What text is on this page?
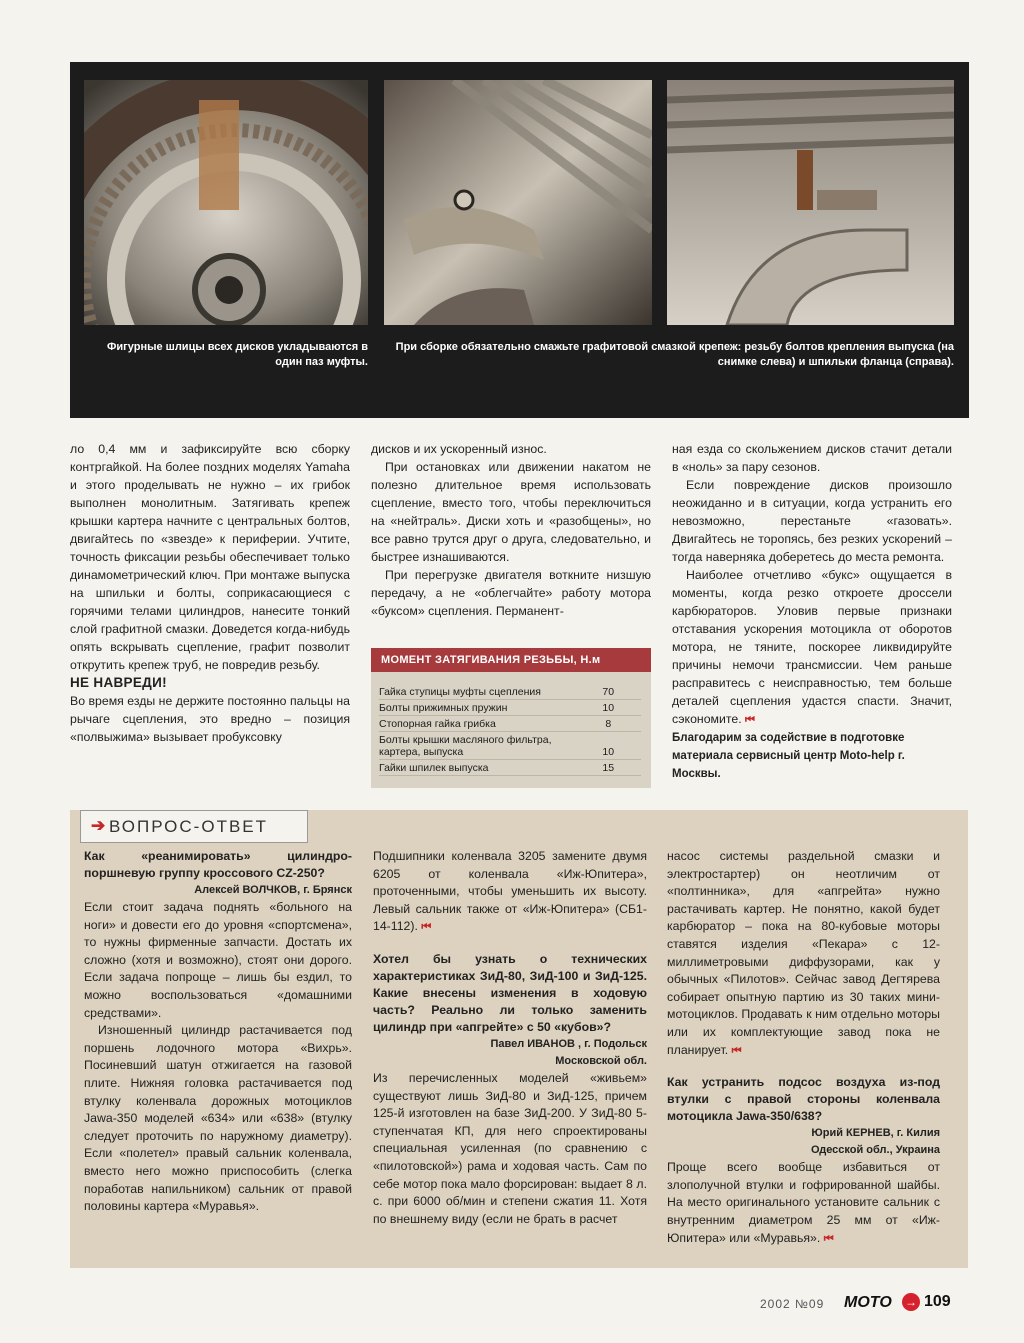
Фигурные шлицы всех дисков укладываются в один паз муфты.
При сборке обязательно смажьте графитовой смазкой крепеж: резьбу болтов крепления выпуска (на снимке слева) и шпильки фланца (справа).

ло 0,4 мм и зафиксируйте всю сборку контргайкой. На более поздних моделях Yamaha и этого проделывать не нужно – их грибок выполнен монолитным. Затягивать крепеж крышки картера начните с центральных болтов, двигайтесь по «звезде» к периферии. Учтите, точность фиксации резьбы обеспечивает только динамометрический ключ. При монтаже выпуска на шпильки и болты, соприкасающиеся с горячими телами цилиндров, нанесите тонкий слой графитной смазки. Доведется когда-нибудь опять вскрывать сцепление, графит позволит открутить крепеж труб, не повредив резьбу.

НЕ НАВРЕДИ!

Во время езды не держите постоянно пальцы на рычаге сцепления, это вредно – позиция «полвыжима» вызывает пробуксовку

дисков и их ускоренный износ.

При остановках или движении накатом не полезно длительное время использовать сцепление, вместо того, чтобы переключиться на «нейтраль». Диски хоть и «разобщены», но все равно трутся друг о друга, следовательно, и быстрее изнашиваются.

При перегрузке двигателя воткните низшую передачу, а не «облегчайте» работу мотора «буксом» сцепления. Перманент-

МОМЕНТ ЗАТЯГИВАНИЯ РЕЗЬБЫ, Н.м
Гайка ступицы муфты сцепления	70
Болты прижимных пружин	10
Стопорная гайка грибка	8
Болты крышки масляного фильтра, картера, выпуска	10
Гайки шпилек выпуска	15

ная езда со скольжением дисков стачит детали в «ноль» за пару сезонов.

Если повреждение дисков произошло неожиданно и в ситуации, когда устранить его невозможно, перестаньте «газовать». Двигайтесь не торопясь, без резких ускорений – тогда наверняка доберетесь до места ремонта.

Наиболее отчетливо «букс» ощущается в моменты, когда резко откроете дроссели карбюраторов. Уловив первые признаки отставания ускорения мотоцикла от оборотов мотора, не тяните, поскорее ликвидируйте причины немочи трансмиссии. Чем раньше расправитесь с неисправностью, тем больше деталей сцепления удастся спасти. Значит, сэкономите. ⏮

Благодарим за содействие в подготовке материала сервисный центр Moto-help г. Москвы.

➔ ВОПРОС-ОТВЕТ

Как «реанимировать» цилиндро-поршневую группу кроссового CZ-250?

Алексей ВОЛЧКОВ, г. Брянск

Если стоит задача поднять «больного на ноги» и довести его до уровня «спортсмена», то нужны фирменные запчасти. Достать их сложно (хотя и возможно), стоят они дорого. Если задача попроще – лишь бы ездил, то можно воспользоваться «домашними средствами».

Изношенный цилиндр растачивается под поршень лодочного мотора «Вихрь». Посиневший шатун отжигается на газовой плите. Нижняя головка растачивается под втулку коленвала дорожных мотоциклов Jawa-350 моделей «634» или «638» (втулку следует проточить по наружному диаметру). Если «полетел» правый сальник коленвала, вместо него можно приспособить (слегка поработав напильником) сальник от правой половины картера «Муравья».

Подшипники коленвала 3205 замените двумя 6205 от коленвала «Иж-Юпитера», проточенными, чтобы уменьшить их высоту. Левый сальник также от «Иж-Юпитера» (СБ1-14-112). ⏮

Хотел бы узнать о технических характеристиках ЗиД-80, ЗиД-100 и ЗиД-125. Какие внесены изменения в ходовую часть? Реально ли только заменить цилиндр при «апгрейте» с 50 «кубов»?

Павел ИВАНОВ , г. Подольск

Московской обл.

Из перечисленных моделей «живьем» существуют лишь ЗиД-80 и ЗиД-125, причем 125-й изготовлен на базе ЗиД-200. У ЗиД-80 5-ступенчатая КП, для него спроектированы специальная усиленная (по сравнению с «пилотовской») рама и ходовая часть. Сам по себе мотор пока мало форсирован: выдает 8 л. с. при 6000 об/мин и степени сжатия 11. Хотя по внешнему виду (если не брать в расчет

насос системы раздельной смазки и электростартер) он неотличим от «полтинника», для «апгрейта» нужно растачивать картер. Не понятно, какой будет карбюратор – пока на 80-кубовые моторы ставятся изделия «Пекара» с 12-миллиметровыми диффузорами, как у обычных «Пилотов». Сейчас завод Дегтярева собирает опытную партию из 30 таких мини-мотоциклов. Продавать к ним отдельно моторы или их комплектующие завод пока не планирует. ⏮

Как устранить подсос воздуха из-под втулки с правой стороны коленвала мотоцикла Jawa-350/638?

Юрий КЕРНЕВ, г. Килия

Одесской обл., Украина

Проще всего вообще избавиться от злополучной втулки и гофрированной шайбы. На место оригинального установите сальник с внутренним диаметром 25 мм от «Иж-Юпитера» или «Муравья». ⏮

2002 №09 МОТО → 109
